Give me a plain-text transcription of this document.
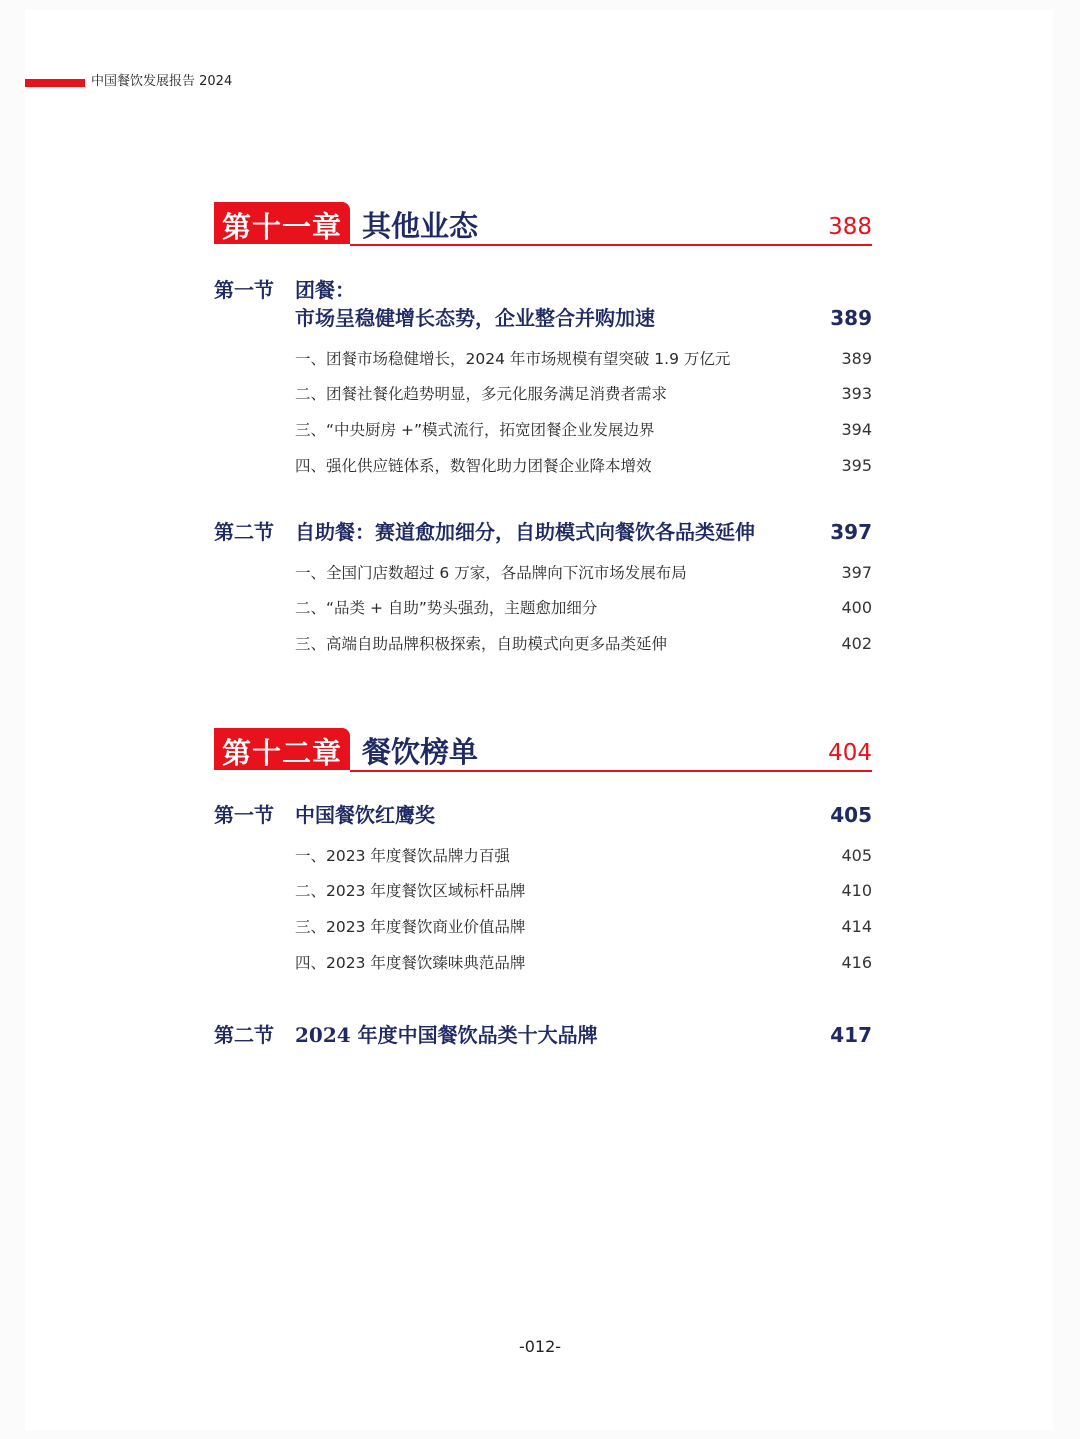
中国餐饮发展报告 2024
第十一章 其他业态	388
第一节 团餐：
市场呈稳健增长态势，企业整合并购加速	389
一、团餐市场稳健增长，2024 年市场规模有望突破 1.9 万亿元	389
二、团餐社餐化趋势明显，多元化服务满足消费者需求	393
三、“中央厨房 +”模式流行，拓宽团餐企业发展边界	394
四、强化供应链体系，数智化助力团餐企业降本增效	395
第二节 自助餐：赛道愈加细分，自助模式向餐饮各品类延伸	397
一、全国门店数超过 6 万家，各品牌向下沉市场发展布局	397
二、“品类 + 自助”势头强劲，主题愈加细分	400
三、高端自助品牌积极探索，自助模式向更多品类延伸	402
第十二章 餐饮榜单	404
第一节 中国餐饮红鹰奖	405
一、2023 年度餐饮品牌力百强	405
二、2023 年度餐饮区域标杆品牌	410
三、2023 年度餐饮商业价值品牌	414
四、2023 年度餐饮臻味典范品牌	416
第二节 2024 年度中国餐饮品类十大品牌	417
-012-
